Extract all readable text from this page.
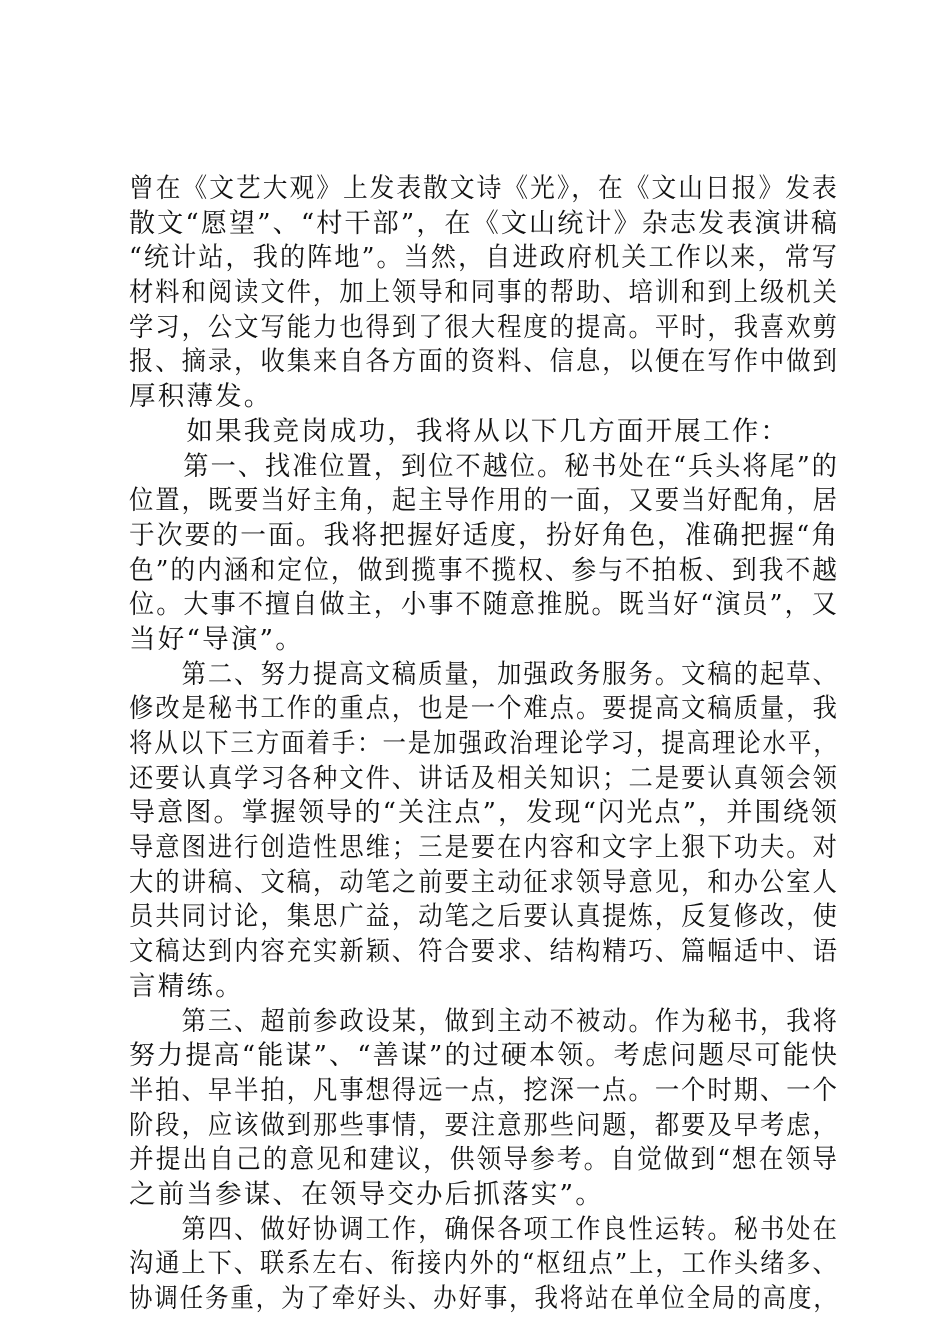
曾在《文艺大观》上发表散文诗《光》，在《文山日报》发表
散文“愿望”、“村干部”，在《文山统计》杂志发表演讲稿
“统计站，我的阵地”。当然，自进政府机关工作以来，常写
材料和阅读文件，加上领导和同事的帮助、培训和到上级机关
学习，公文写能力也得到了很大程度的提高。平时，我喜欢剪
报、摘录，收集来自各方面的资料、信息，以便在写作中做到
厚积薄发。
　　如果我竞岗成功，我将从以下几方面开展工作：
　　第一、找准位置，到位不越位。秘书处在“兵头将尾”的
位置，既要当好主角，起主导作用的一面，又要当好配角，居
于次要的一面。我将把握好适度，扮好角色，准确把握“角
色”的内涵和定位，做到揽事不揽权、参与不拍板、到我不越
位。大事不擅自做主，小事不随意推脱。既当好“演员”，又
当好“导演”。
　　第二、努力提高文稿质量，加强政务服务。文稿的起草、
修改是秘书工作的重点，也是一个难点。要提高文稿质量，我
将从以下三方面着手：一是加强政治理论学习，提高理论水平，
还要认真学习各种文件、讲话及相关知识；二是要认真领会领
导意图。掌握领导的“关注点”，发现“闪光点”，并围绕领
导意图进行创造性思维；三是要在内容和文字上狠下功夫。对
大的讲稿、文稿，动笔之前要主动征求领导意见，和办公室人
员共同讨论，集思广益，动笔之后要认真提炼，反复修改，使
文稿达到内容充实新颖、符合要求、结构精巧、篇幅适中、语
言精练。
　　第三、超前参政设某，做到主动不被动。作为秘书，我将
努力提高“能谋”、“善谋”的过硬本领。考虑问题尽可能快
半拍、早半拍，凡事想得远一点，挖深一点。一个时期、一个
阶段，应该做到那些事情，要注意那些问题，都要及早考虑，
并提出自己的意见和建议，供领导参考。自觉做到“想在领导
之前当参谋、在领导交办后抓落实”。
　　第四、做好协调工作，确保各项工作良性运转。秘书处在
沟通上下、联系左右、衔接内外的“枢纽点”上，工作头绪多、
协调任务重，为了牵好头、办好事，我将站在单位全局的高度，
